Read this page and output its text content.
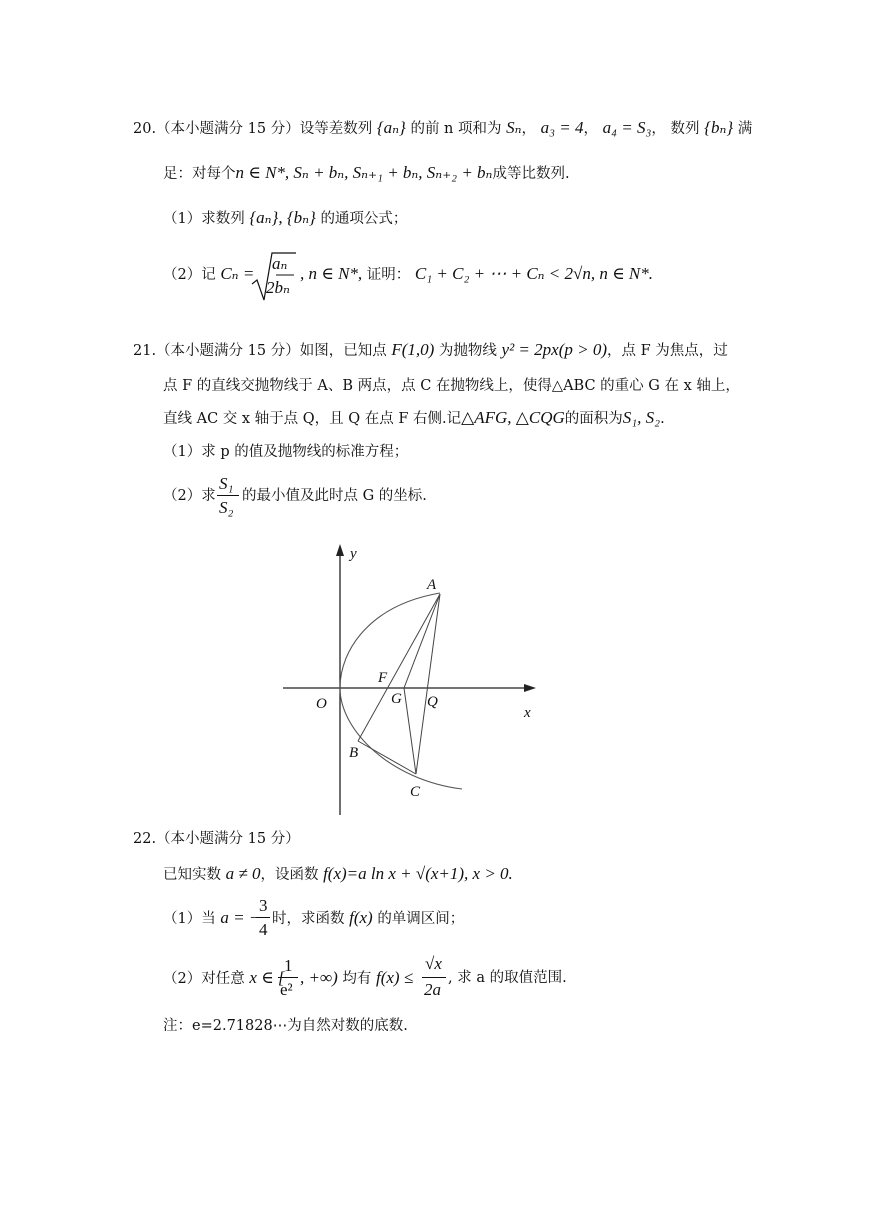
20.（本小题满分 15 分）设等差数列 {aₙ} 的前 n 项和为 Sₙ， a₃ = 4， a₄ = S₃， 数列 {bₙ} 满
足：对每个n ∈ N*, Sₙ + bₙ, Sₙ₊₁ + bₙ, Sₙ₊₂ + bₙ成等比数列.
（1）求数列 {aₙ}, {bₙ} 的通项公式；
（2）记 Cₙ =
aₙ
2bₙ
, n ∈ N*, 证明： C₁ + C₂ + ⋯ + Cₙ < 2√n, n ∈ N*.
21.（本小题满分 15 分）如图，已知点 F(1,0) 为抛物线 y² = 2px(p > 0)，点 F 为焦点，过
点 F 的直线交抛物线于 A、B 两点，点 C 在抛物线上，使得△ABC 的重心 G 在 x 轴上，
直线 AC 交 x 轴于点 Q，且 Q 在点 F 右侧.记△AFG, △CQG的面积为S₁, S₂.
（1）求 p 的值及抛物线的标准方程；
（2）求
S₁
S₂
的最小值及此时点 G 的坐标.
y
x
O
F
G Q
A
B
C
22.（本小题满分 15 分）
已知实数 a ≠ 0，设函数 f(x)=a ln x + √(x+1), x > 0.
（1）当 a = −
3
4
时，求函数 f(x) 的单调区间；
（2）对任意 x ∈ [
1
e²
, +∞) 均有 f(x) ≤
√x
2a
, 求 a 的取值范围.
注：e=2.71828⋯为自然对数的底数.
